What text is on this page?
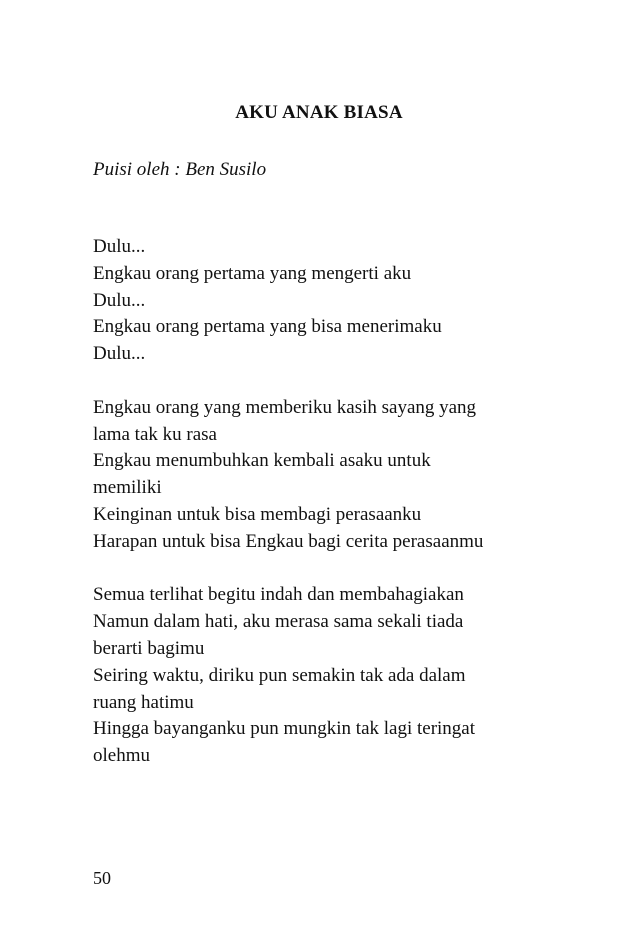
AKU ANAK BIASA
Puisi oleh : Ben Susilo
Dulu...
Engkau orang pertama yang mengerti aku
Dulu...
Engkau orang pertama yang bisa menerimaku
Dulu...
Engkau orang yang memberiku kasih sayang yang
lama tak ku rasa
Engkau menumbuhkan kembali asaku untuk
memiliki
Keinginan untuk bisa membagi perasaanku
Harapan untuk bisa Engkau bagi cerita perasaanmu
Semua terlihat begitu indah dan membahagiakan
Namun dalam hati, aku merasa sama sekali tiada
berarti bagimu
Seiring waktu, diriku pun semakin tak ada dalam
ruang hatimu
Hingga bayanganku pun mungkin tak lagi teringat
olehmu
50
